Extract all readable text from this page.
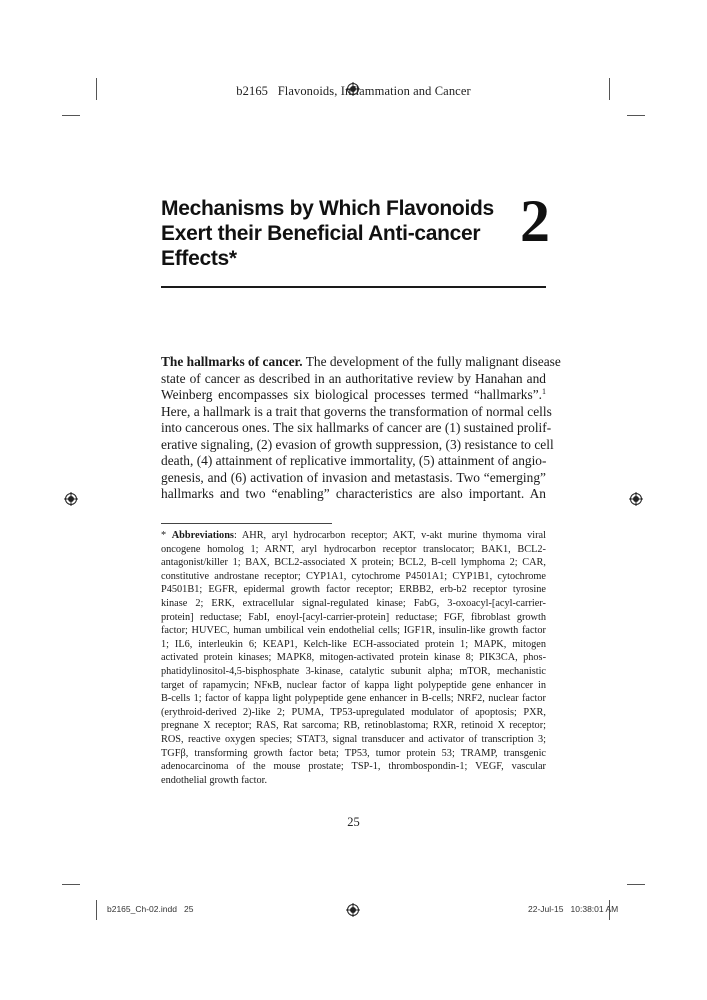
b2165   Flavonoids, Inflammation and Cancer
Mechanisms by Which Flavonoids
Exert their Beneficial Anti-cancer
Effects*
2
The hallmarks of cancer. The development of the fully malignant disease
state of cancer as described in an authoritative review by Hanahan and
Weinberg encompasses six biological processes termed “hallmarks”.$^1$
Here, a hallmark is a trait that governs the transformation of normal cells
into cancerous ones. The six hallmarks of cancer are (1) sustained prolif-
erative signaling, (2) evasion of growth suppression, (3) resistance to cell
death, (4) attainment of replicative immortality, (5) attainment of angio-
genesis, and (6) activation of invasion and metastasis. Two “emerging”
hallmarks and two “enabling” characteristics are also important. An
* Abbreviations: AHR, aryl hydrocarbon receptor; AKT, v-akt murine thymoma viral
oncogene homolog 1; ARNT, aryl hydrocarbon receptor translocator; BAK1, BCL2-
antagonist/killer 1; BAX, BCL2-associated X protein; BCL2, B-cell lymphoma 2; CAR,
constitutive androstane receptor; CYP1A1, cytochrome P4501A1; CYP1B1, cytochrome
P4501B1; EGFR, epidermal growth factor receptor; ERBB2, erb-b2 receptor tyrosine
kinase 2; ERK, extracellular signal-regulated kinase; FabG, 3-oxoacyl-[acyl-carrier-
protein] reductase; FabI, enoyl-[acyl-carrier-protein] reductase; FGF, fibroblast growth
factor; HUVEC, human umbilical vein endothelial cells; IGF1R, insulin-like growth factor
1; IL6, interleukin 6; KEAP1, Kelch-like ECH-associated protein 1; MAPK, mitogen
activated protein kinases; MAPK8, mitogen-activated protein kinase 8; PIK3CA, phos-
phatidylinositol-4,5-bisphosphate 3-kinase, catalytic subunit alpha; mTOR, mechanistic
target of rapamycin; NFκB, nuclear factor of kappa light polypeptide gene enhancer in
B-cells 1; factor of kappa light polypeptide gene enhancer in B-cells; NRF2, nuclear factor
(erythroid-derived 2)-like 2; PUMA, TP53-upregulated modulator of apoptosis; PXR,
pregnane X receptor; RAS, Rat sarcoma; RB, retinoblastoma; RXR, retinoid X receptor;
ROS, reactive oxygen species; STAT3, signal transducer and activator of transcription 3;
TGFβ, transforming growth factor beta; TP53, tumor protein 53; TRAMP, transgenic
adenocarcinoma of the mouse prostate; TSP-1, thrombospondin-1; VEGF, vascular
endothelial growth factor.
25
b2165_Ch-02.indd   25	22-Jul-15   10:38:01 AM
